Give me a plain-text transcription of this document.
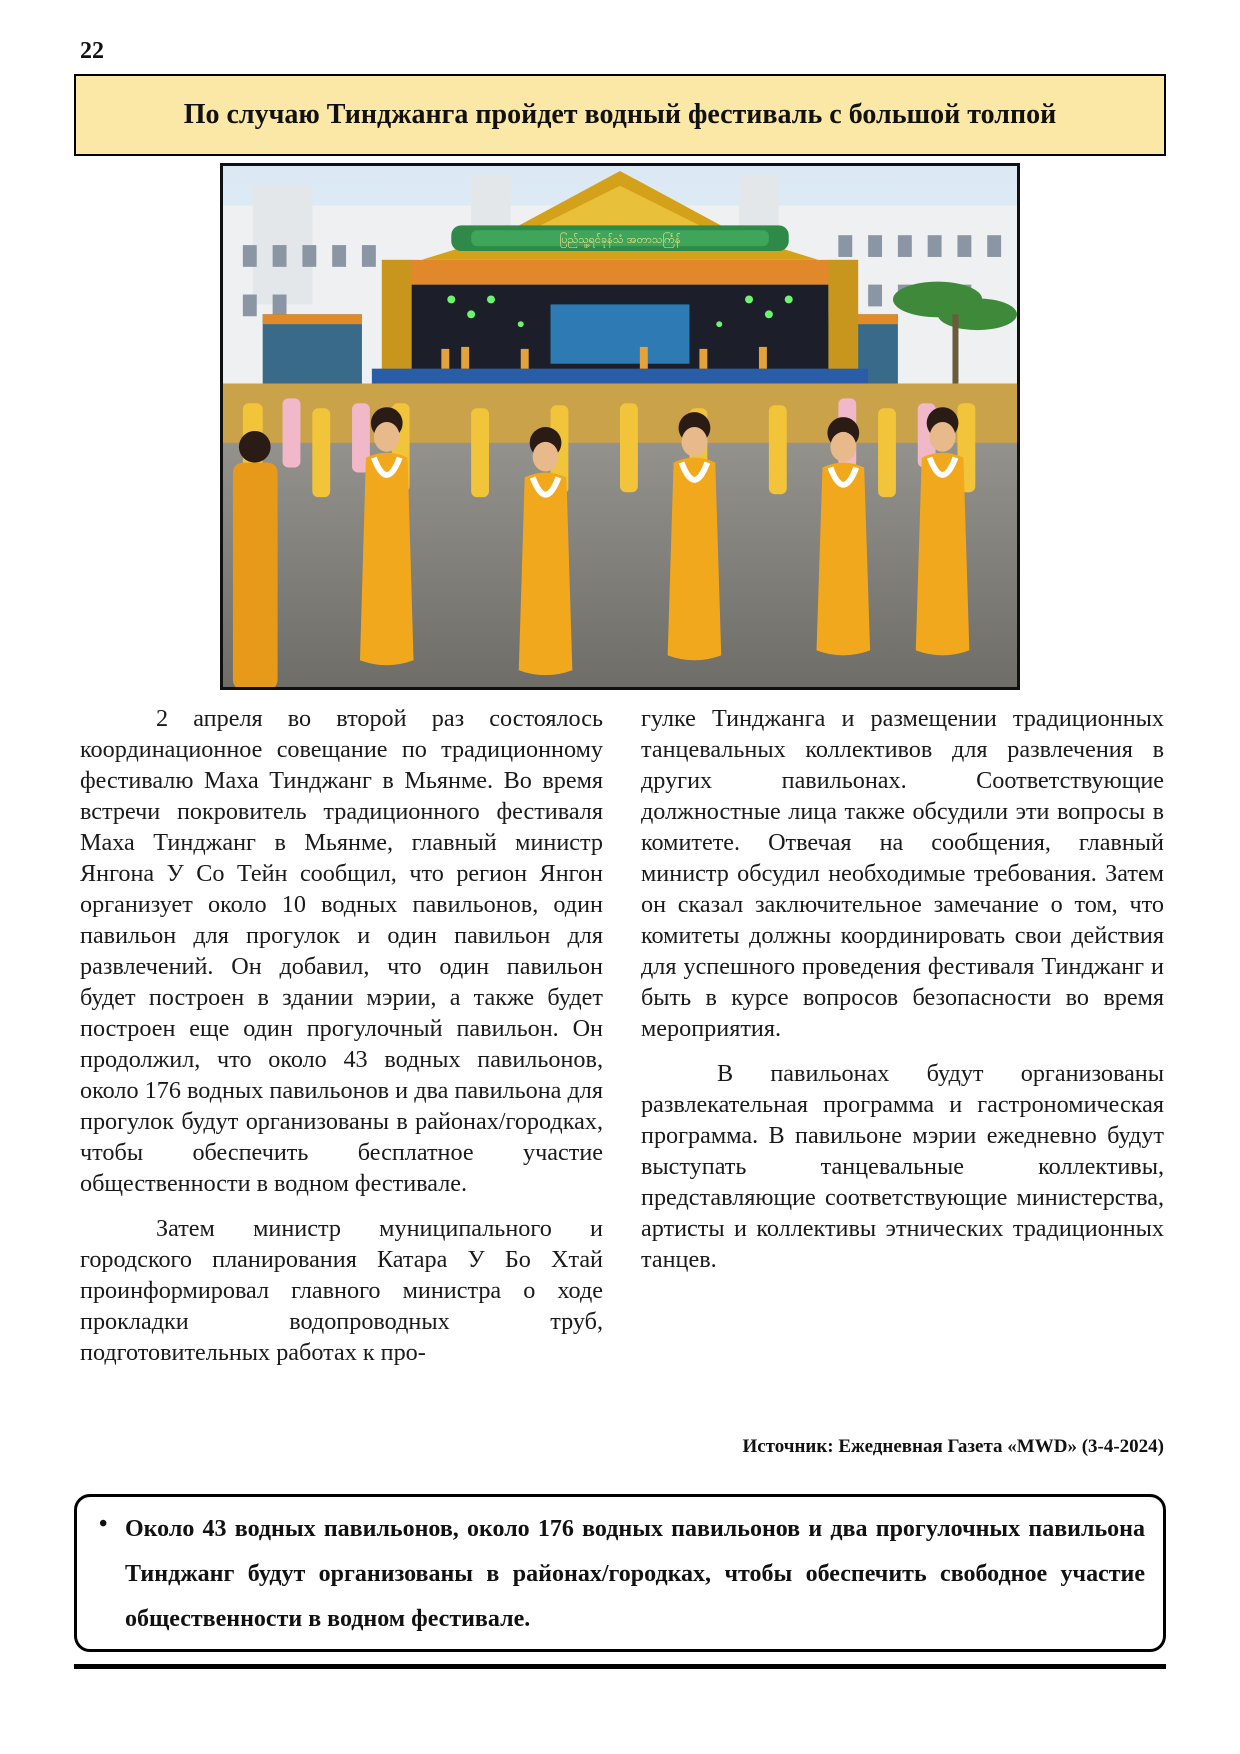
22
По случаю Тинджанга пройдет водный фестиваль с большой толпой
ပြည်သူ့ရင်ခုန်သံ အတာသင်္ကြန်

2 апреля во второй раз состоялось координационное совещание по традиционному фестивалю Маха Тинджанг в Мьянме. Во время встречи покровитель традиционного фестиваля Маха Тинджанг в Мьянме, главный министр Янгона У Со Тейн сообщил, что регион Янгон организует около 10 водных павильонов, один павильон для прогулок и один павильон для развлечений. Он добавил, что один павильон будет построен в здании мэрии, а также будет построен еще один прогулочный павильон. Он продолжил, что около 43 водных павильонов, около 176 водных павильонов и два павильона для прогулок будут организованы в районах/городках, чтобы обеспечить бесплатное участие общественности в водном фестивале.

Затем министр муниципального и городского планирования Катара У Бо Хтай проинформировал главного министра о ходе прокладки водопроводных труб, подготовительных работах к про-

гулке Тинджанга и размещении традиционных танцевальных коллективов для развлечения в других павильонах. Соответствующие должностные лица также обсудили эти вопросы в комитете. Отвечая на сообщения, главный министр обсудил необходимые требования. Затем он сказал заключительное замечание о том, что комитеты должны координировать свои действия для успешного проведения фестиваля Тинджанг и быть в курсе вопросов безопасности во время мероприятия.

В павильонах будут организованы развлекательная программа и гастрономическая программа. В павильоне мэрии ежедневно будут выступать танцевальные коллективы, представляющие соответствующие министерства, артисты и коллективы этнических традиционных танцев.

Источник: Ежедневная Газета «MWD» (3-4-2024)
• Около 43 водных павильонов, около 176 водных павильонов и два прогулочных павильона Тинджанг будут организованы в районах/городках, чтобы обеспечить свободное участие общественности в водном фестивале.
